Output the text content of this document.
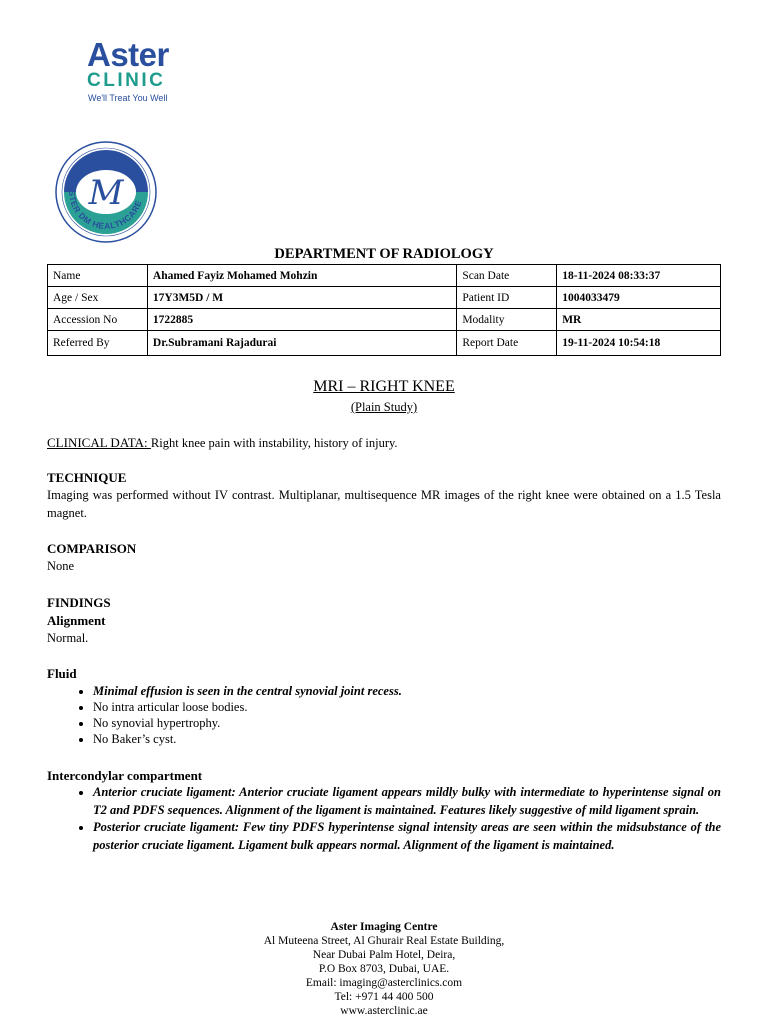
Aster
CLINIC
We'll Treat You Well
M
ASTER DM HEALTHCARE
DEPARTMENT OF RADIOLOGY
Name	Ahamed Fayiz Mohamed Mohzin	Scan Date	18-11-2024 08:33:37
Age / Sex	17Y3M5D / M	Patient ID	1004033479
Accession No	1722885	Modality	MR
Referred By	Dr.Subramani Rajadurai	Report Date	19-11-2024 10:54:18
MRI – RIGHT KNEE
(Plain Study)
CLINICAL DATA: Right knee pain with instability, history of injury.
TECHNIQUE
Imaging was performed without IV contrast. Multiplanar, multisequence MR images of the right knee were obtained on a 1.5 Tesla magnet.
COMPARISON
None
FINDINGS
Alignment
Normal.
Fluid
• Minimal effusion is seen in the central synovial joint recess.
• No intra articular loose bodies.
• No synovial hypertrophy.
• No Baker’s cyst.
Intercondylar compartment
• Anterior cruciate ligament: Anterior cruciate ligament appears mildly bulky with intermediate to hyperintense signal on T2 and PDFS sequences. Alignment of the ligament is maintained. Features likely suggestive of mild ligament sprain.
• Posterior cruciate ligament: Few tiny PDFS hyperintense signal intensity areas are seen within the midsubstance of the posterior cruciate ligament. Ligament bulk appears normal. Alignment of the ligament is maintained.
Aster Imaging Centre
Al Muteena Street, Al Ghurair Real Estate Building,
Near Dubai Palm Hotel, Deira,
P.O Box 8703, Dubai, UAE.
Email: imaging@asterclinics.com
Tel: +971 44 400 500
www.asterclinic.ae
